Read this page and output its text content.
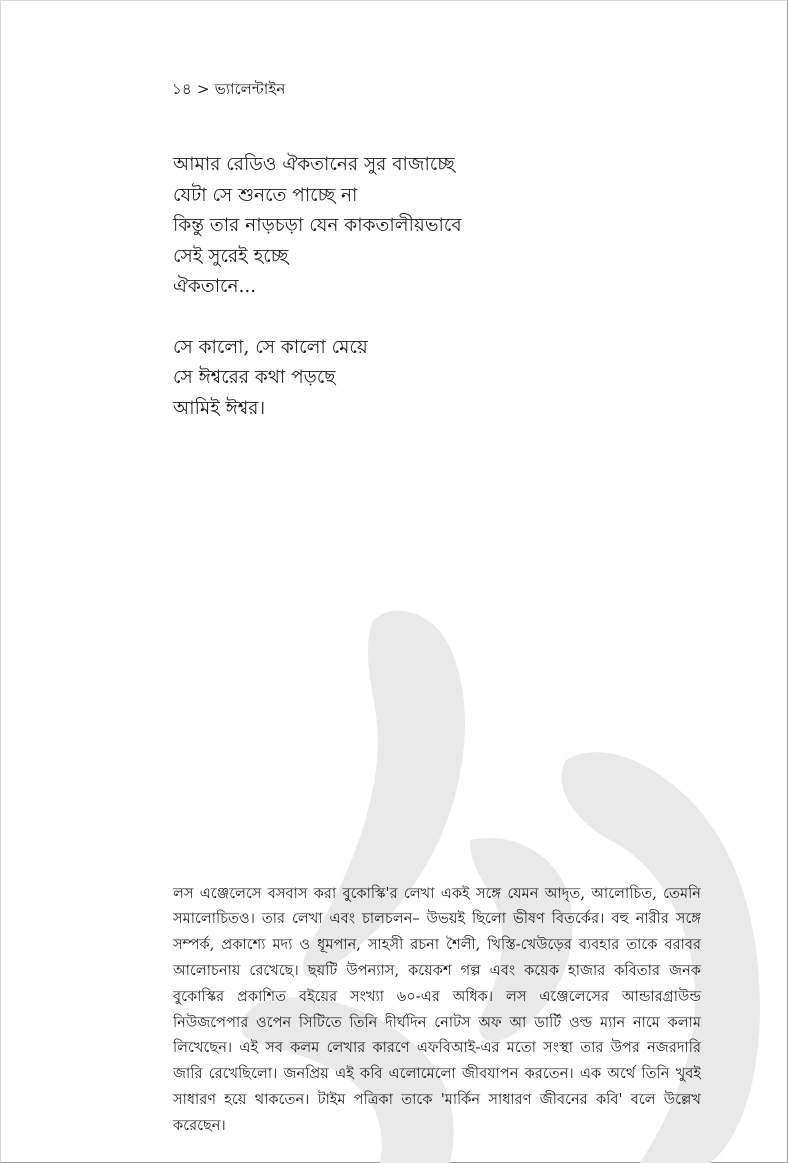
১৪ > ভ্যালেন্টাইন
আমার রেডিও ঐকতানের সুর বাজাচ্ছে
যেটা সে শুনতে পাচ্ছে না
কিন্তু তার নাড়চড়া যেন কাকতালীয়ভাবে
সেই সুরেই হচ্ছে
ঐকতানে...
সে কালো, সে কালো মেয়ে
সে ঈশ্বরের কথা পড়ছে
আমিই ঈশ্বর।

লস এঞ্জেলেসে বসবাস করা বুকোস্কি'র লেখা একই সঙ্গে যেমন আদৃত, আলোচিত, তেমনি সমালোচিতও। তার লেখা এবং চালচলন– উভয়ই ছিলো ভীষণ বিতর্কের। বহু নারীর সঙ্গে সম্পর্ক, প্রকাশ্যে মদ্য ও ধূমপান, সাহসী রচনা শৈলী, খিস্তি-খেউড়ের ব্যবহার তাকে বরাবর আলোচনায় রেখেছে। ছয়টি উপন্যাস, কয়েকশ গল্প এবং কয়েক হাজার কবিতার জনক বুকোস্কির প্রকাশিত বইয়ের সংখ্যা ৬০-এর অধিক। লস এঞ্জেলেসের আন্ডারগ্রাউন্ড নিউজপেপার ওপেন সিটিতে তিনি দীর্ঘদিন নোটস অফ আ ডার্টি ওল্ড ম্যান নামে কলাম লিখেছেন। এই সব কলম লেখার কারণে এফবিআই-এর মতো সংস্থা তার উপর নজরদারি জারি রেখেছিলো। জনপ্রিয় এই কবি এলোমেলো জীবযাপন করতেন। এক অর্থে তিনি খুবই সাধারণ হয়ে থাকতেন। টাইম পত্রিকা তাকে 'মার্কিন সাধারণ জীবনের কবি' বলে উল্লেখ করেছেন।
